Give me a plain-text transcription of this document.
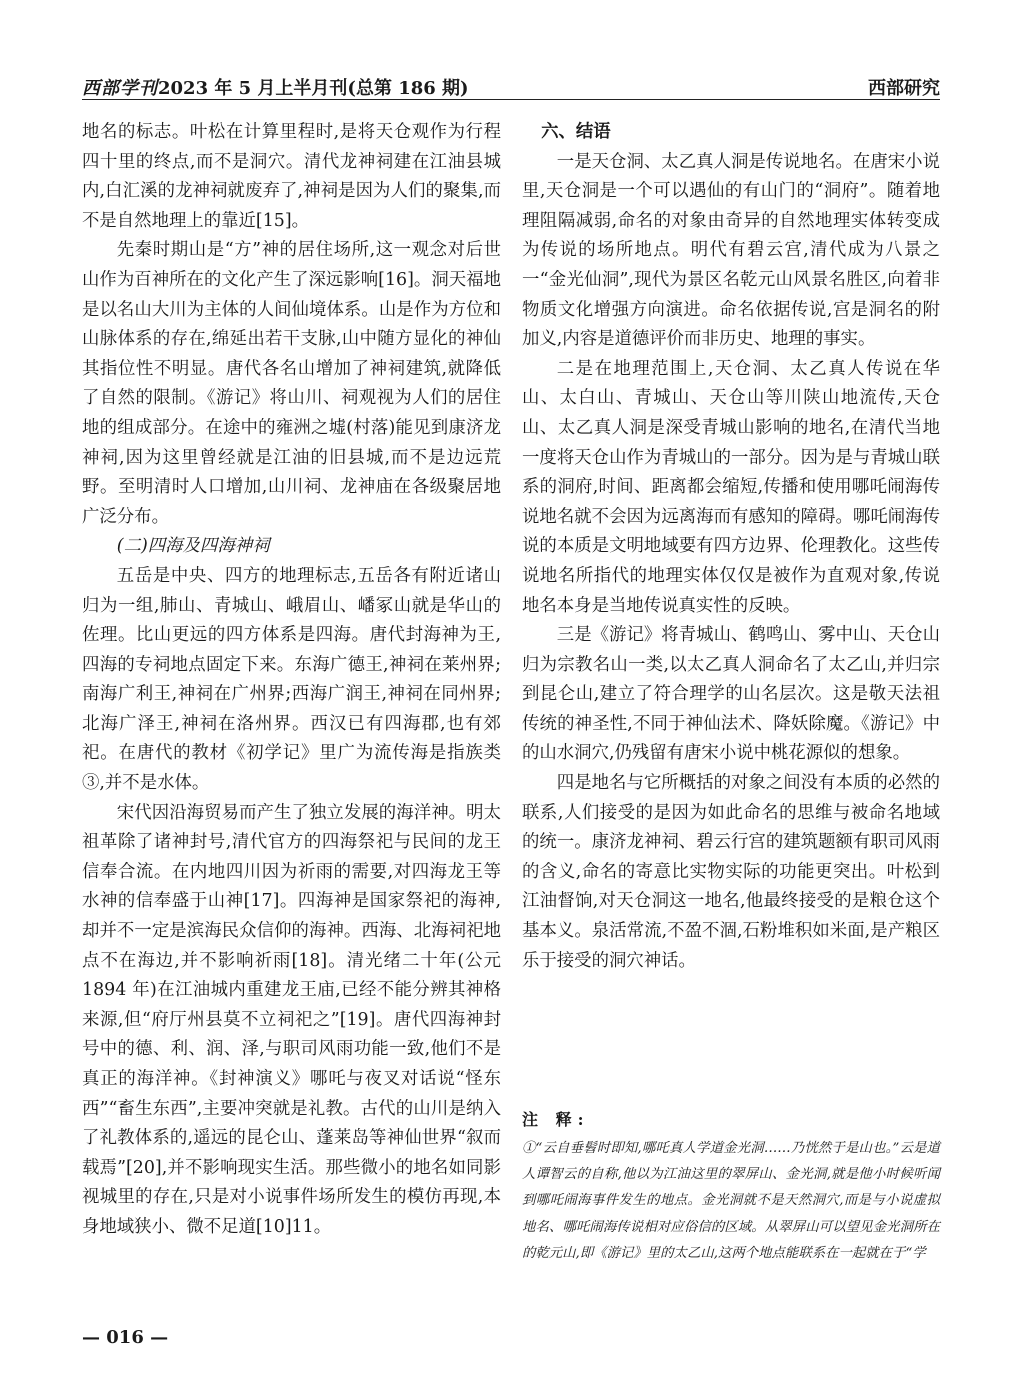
西部学刊2023 年 5 月上半月刊(总第 186 期)	西部研究

地名的标志。叶松在计算里程时,是将天仓观作为行程四十里的终点,而不是洞穴。清代龙神祠建在江油县城内,白汇溪的龙神祠就废弃了,神祠是因为人们的聚集,而不是自然地理上的靠近[15]。

先秦时期山是“方”神的居住场所,这一观念对后世山作为百神所在的文化产生了深远影响[16]。洞天福地是以名山大川为主体的人间仙境体系。山是作为方位和山脉体系的存在,绵延出若干支脉,山中随方显化的神仙其指位性不明显。唐代各名山增加了神祠建筑,就降低了自然的限制。《游记》将山川、祠观视为人们的居住地的组成部分。在途中的雍洲之墟(村落)能见到康济龙神祠,因为这里曾经就是江油的旧县城,而不是边远荒野。至明清时人口增加,山川祠、龙神庙在各级聚居地广泛分布。

(二)四海及四海神祠

五岳是中央、四方的地理标志,五岳各有附近诸山归为一组,肺山、青城山、峨眉山、嶓冢山就是华山的佐理。比山更远的四方体系是四海。唐代封海神为王,四海的专祠地点固定下来。东海广德王,神祠在莱州界;南海广利王,神祠在广州界;西海广润王,神祠在同州界;北海广泽王,神祠在洛州界。西汉已有四海郡,也有郊祀。在唐代的教材《初学记》里广为流传海是指族类③,并不是水体。

宋代因沿海贸易而产生了独立发展的海洋神。明太祖革除了诸神封号,清代官方的四海祭祀与民间的龙王信奉合流。在内地四川因为祈雨的需要,对四海龙王等水神的信奉盛于山神[17]。四海神是国家祭祀的海神,却并不一定是滨海民众信仰的海神。西海、北海祠祀地点不在海边,并不影响祈雨[18]。清光绪二十年(公元 1894 年)在江油城内重建龙王庙,已经不能分辨其神格来源,但“府厅州县莫不立祠祀之”[19]。唐代四海神封号中的德、利、润、泽,与职司风雨功能一致,他们不是真正的海洋神。《封神演义》哪吒与夜叉对话说“怪东西”“畜生东西”,主要冲突就是礼教。古代的山川是纳入了礼教体系的,遥远的昆仑山、蓬莱岛等神仙世界“叙而载焉”[20],并不影响现实生活。那些微小的地名如同影视城里的存在,只是对小说事件场所发生的模仿再现,本身地域狭小、微不足道[10]11。

六、结语

一是天仓洞、太乙真人洞是传说地名。在唐宋小说里,天仓洞是一个可以遇仙的有山门的“洞府”。随着地理阻隔减弱,命名的对象由奇异的自然地理实体转变成为传说的场所地点。明代有碧云宫,清代成为八景之一“金光仙洞”,现代为景区名乾元山风景名胜区,向着非物质文化增强方向演进。命名依据传说,宫是洞名的附加义,内容是道德评价而非历史、地理的事实。

二是在地理范围上,天仓洞、太乙真人传说在华山、太白山、青城山、天仓山等川陕山地流传,天仓山、太乙真人洞是深受青城山影响的地名,在清代当地一度将天仓山作为青城山的一部分。因为是与青城山联系的洞府,时间、距离都会缩短,传播和使用哪吒闹海传说地名就不会因为远离海而有感知的障碍。哪吒闹海传说的本质是文明地域要有四方边界、伦理教化。这些传说地名所指代的地理实体仅仅是被作为直观对象,传说地名本身是当地传说真实性的反映。

三是《游记》将青城山、鹤鸣山、雾中山、天仓山归为宗教名山一类,以太乙真人洞命名了太乙山,并归宗到昆仑山,建立了符合理学的山名层次。这是敬天法祖传统的神圣性,不同于神仙法术、降妖除魔。《游记》中的山水洞穴,仍残留有唐宋小说中桃花源似的想象。

四是地名与它所概括的对象之间没有本质的必然的联系,人们接受的是因为如此命名的思维与被命名地域的统一。康济龙神祠、碧云行宫的建筑题额有职司风雨的含义,命名的寄意比实物实际的功能更突出。叶松到江油督饷,对天仓洞这一地名,他最终接受的是粮仓这个基本义。泉活常流,不盈不涸,石粉堆积如米面,是产粮区乐于接受的洞穴神话。

注 释:

①“云自垂髫时即知,哪吒真人学道金光洞……乃恍然于是山也。”云是道人谭智云的自称,他以为江油这里的翠屏山、金光洞,就是他小时候听闻到哪吒闹海事件发生的地点。金光洞就不是天然洞穴,而是与小说虚拟地名、哪吒闹海传说相对应俗信的区域。从翠屏山可以望见金光洞所在的乾元山,即《游记》里的太乙山,这两个地点能联系在一起就在于“学

— 016 —
